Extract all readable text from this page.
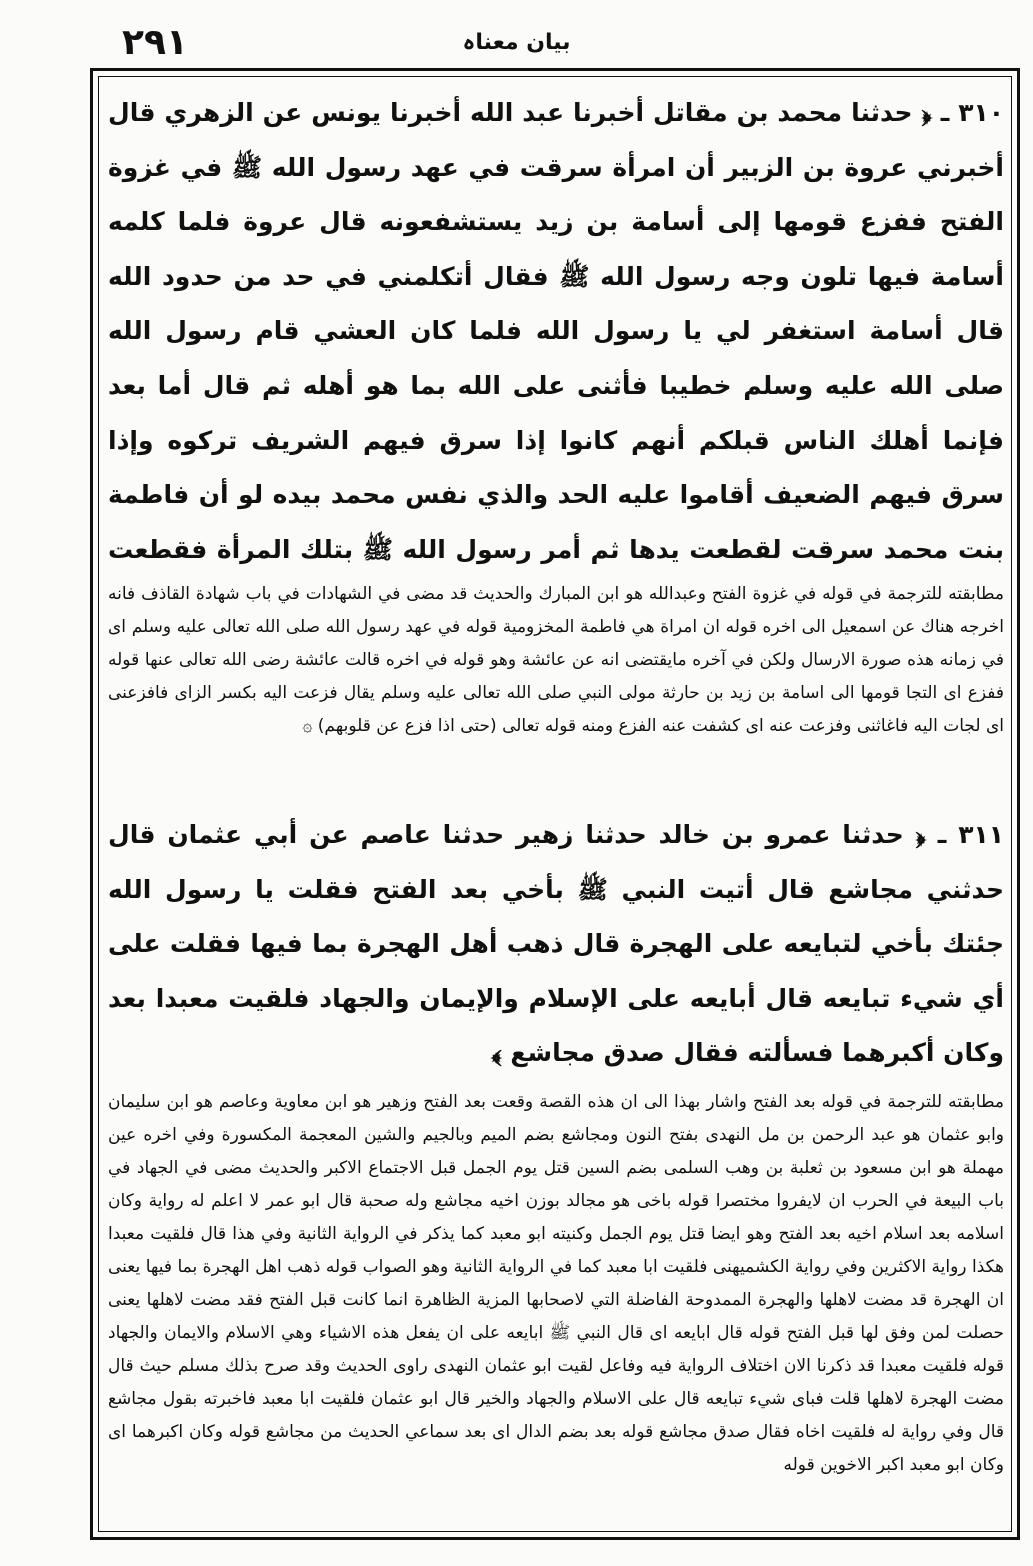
۲۹۱	بیان معناہ

۳۱۰ ـ ﴿ حدثنا محمد بن مقاتل أخبرنا عبد الله أخبرنا يونس عن الزهري قال أخبرني عروة بن الزبير أن امرأة سرقت في عهد رسول الله ﷺ في غزوة الفتح ففزع قومها إلى أسامة بن زيد يستشفعونه قال عروة فلما كلمه أسامة فيها تلون وجه رسول الله ﷺ فقال أتكلمني في حد من حدود الله قال أسامة استغفر لي يا رسول الله فلما كان العشي قام رسول الله صلى الله عليه وسلم خطيبا فأثنى على الله بما هو أهله ثم قال أما بعد فإنما أهلك الناس قبلكم أنهم كانوا إذا سرق فيهم الشريف تركوه وإذا سرق فيهم الضعيف أقاموا عليه الحد والذي نفس محمد بيده لو أن فاطمة بنت محمد سرقت لقطعت يدها ثم أمر رسول الله ﷺ بتلك المرأة فقطعت

مطابقته للترجمة في قوله في غزوة الفتح وعبدالله هو ابن المبارك والحديث قد مضى في الشهادات في باب شهادة القاذف فانه اخرجه هناك عن اسمعيل الى اخره قوله ان امراة هي فاطمة المخزومية قوله في عهد رسول الله صلى الله تعالى عليه وسلم اى في زمانه هذه صورة الارسال ولكن في آخره مايقتضى انه عن عائشة وهو قوله في اخره قالت عائشة رضى الله تعالى عنها قوله ففزع اى التجا قومها الى اسامة بن زيد بن حارثة مولى النبي صلى الله تعالى عليه وسلم يقال فزعت اليه بكسر الزاى فافزعنى اى لجات اليه فاغاثنى وفزعت عنه اى كشفت عنه الفزع ومنه قوله تعالى (حتى اذا فزع عن قلوبهم) ۞

۳۱۱ ـ ﴿ حدثنا عمرو بن خالد حدثنا زهير حدثنا عاصم عن أبي عثمان قال حدثني مجاشع قال أتيت النبي ﷺ بأخي بعد الفتح فقلت يا رسول الله جئتك بأخي لتبايعه على الهجرة قال ذهب أهل الهجرة بما فيها فقلت على أي شيء تبايعه قال أبايعه على الإسلام والإيمان والجهاد فلقيت معبدا بعد وكان أكبرهما فسألته فقال صدق مجاشع ﴾

مطابقته للترجمة في قوله بعد الفتح واشار بهذا الى ان هذه القصة وقعت بعد الفتح وزهير هو ابن معاوية وعاصم هو ابن سليمان وابو عثمان هو عبد الرحمن بن مل النهدى بفتح النون ومجاشع بضم الميم وبالجيم والشين المعجمة المكسورة وفي اخره عين مهملة هو ابن مسعود بن ثعلبة بن وهب السلمى بضم السين قتل يوم الجمل قبل الاجتماع الاكبر والحديث مضى في الجهاد في باب البيعة في الحرب ان لايفروا مختصرا قوله باخى هو مجالد بوزن اخيه مجاشع وله صحبة قال ابو عمر لا اعلم له رواية وكان اسلامه بعد اسلام اخيه بعد الفتح وهو ايضا قتل يوم الجمل وكنيته ابو معبد كما يذكر في الرواية الثانية وفي هذا قال فلقيت معبدا هكذا رواية الاكثرين وفي رواية الكشميهنى فلقيت ابا معبد كما في الرواية الثانية وهو الصواب قوله ذهب اهل الهجرة بما فيها يعنى ان الهجرة قد مضت لاهلها والهجرة الممدوحة الفاضلة التي لاصحابها المزية الظاهرة انما كانت قبل الفتح فقد مضت لاهلها يعنى حصلت لمن وفق لها قبل الفتح قوله قال ابايعه اى قال النبي ﷺ ابايعه على ان يفعل هذه الاشياء وهي الاسلام والايمان والجهاد قوله فلقيت معبدا قد ذكرنا الان اختلاف الرواية فيه وفاعل لقيت ابو عثمان النهدى راوى الحديث وقد صرح بذلك مسلم حيث قال مضت الهجرة لاهلها قلت فباى شيء تبايعه قال على الاسلام والجهاد والخير قال ابو عثمان فلقيت ابا معبد فاخبرته بقول مجاشع قال وفي رواية له فلقيت اخاه فقال صدق مجاشع قوله بعد بضم الدال اى بعد سماعي الحديث من مجاشع قوله وكان اكبرهما اى وكان ابو معبد اكبر الاخوين قوله
